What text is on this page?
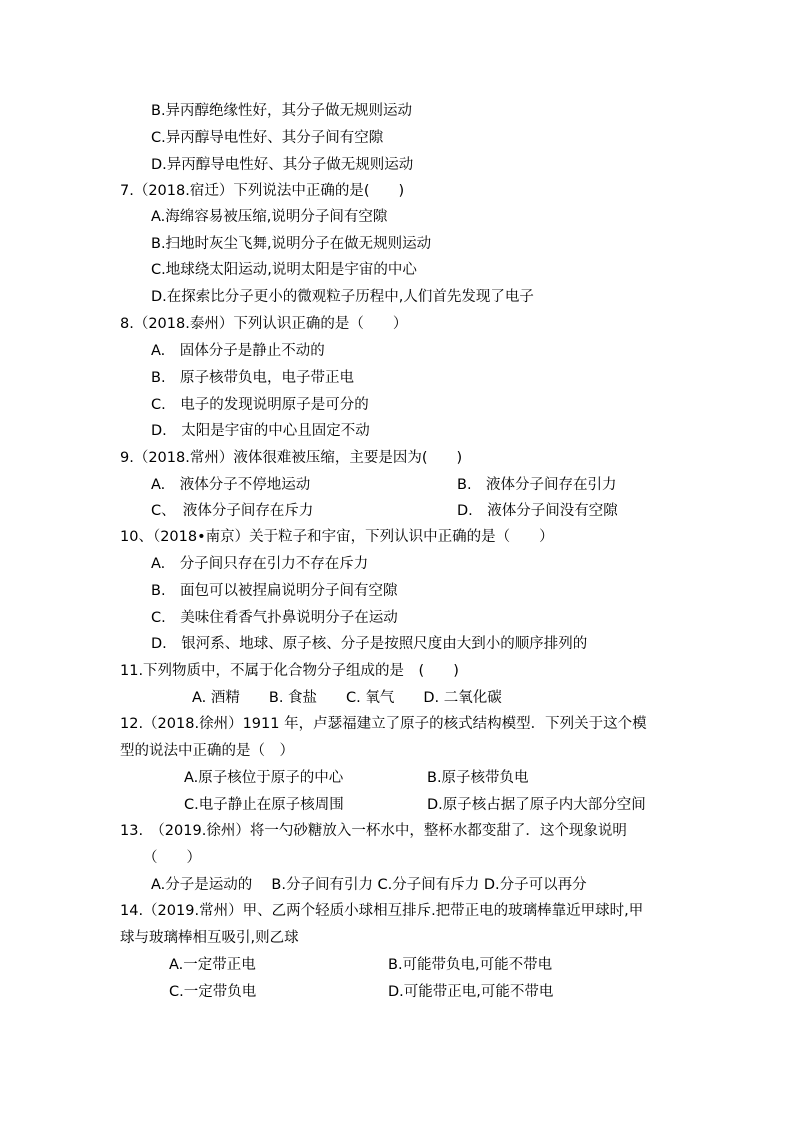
B.异丙醇绝缘性好，其分子做无规则运动
C.异丙醇导电性好、其分子间有空隙
D.异丙醇导电性好、其分子做无规则运动
7.（2018.宿迁）下列说法中正确的是(　　)
A.海绵容易被压缩,说明分子间有空隙
B.扫地时灰尘飞舞,说明分子在做无规则运动
C.地球绕太阳运动,说明太阳是宇宙的中心
D.在探索比分子更小的微观粒子历程中,人们首先发现了电子
8.（2018.泰州）下列认识正确的是（　　）
A.　固体分子是静止不动的
B.　原子核带负电，电子带正电
C.　电子的发现说明原子是可分的
D.　太阳是宇宙的中心且固定不动
9.（2018.常州）液体很难被压缩，主要是因为(　　)
A.　液体分子不停地运动	B.　液体分子间存在引力
C、　液体分子间存在斥力	D.　液体分子间没有空隙
10、（2018•南京）关于粒子和宇宙，下列认识中正确的是（　　）
A.　分子间只存在引力不存在斥力
B.　面包可以被捏扁说明分子间有空隙
C.　美味住肴香气扑鼻说明分子在运动
D.　银河系、地球、原子核、分子是按照尺度由大到小的顺序排列的
11.下列物质中，不属于化合物分子组成的是　(　　)
A. 酒精　　B. 食盐　　C. 氧气　　D. 二氧化碳
12.（2018.徐州）1911 年，卢瑟福建立了原子的核式结构模型．下列关于这个模
型的说法中正确的是（　）
A.原子核位于原子的中心	B.原子核带负电
C.电子静止在原子核周围	D.原子核占据了原子内大部分空间
13.　（2019.徐州）将一勺砂糖放入一杯水中，整杯水都变甜了．这个现象说明
（　　）
A.分子是运动的　 B.分子间有引力 C.分子间有斥力 D.分子可以再分
14.（2019.常州）甲、乙两个轻质小球相互排斥.把带正电的玻璃棒靠近甲球时,甲
球与玻璃棒相互吸引,则乙球
A.一定带正电	B.可能带负电,可能不带电
C.一定带负电	D.可能带正电,可能不带电
